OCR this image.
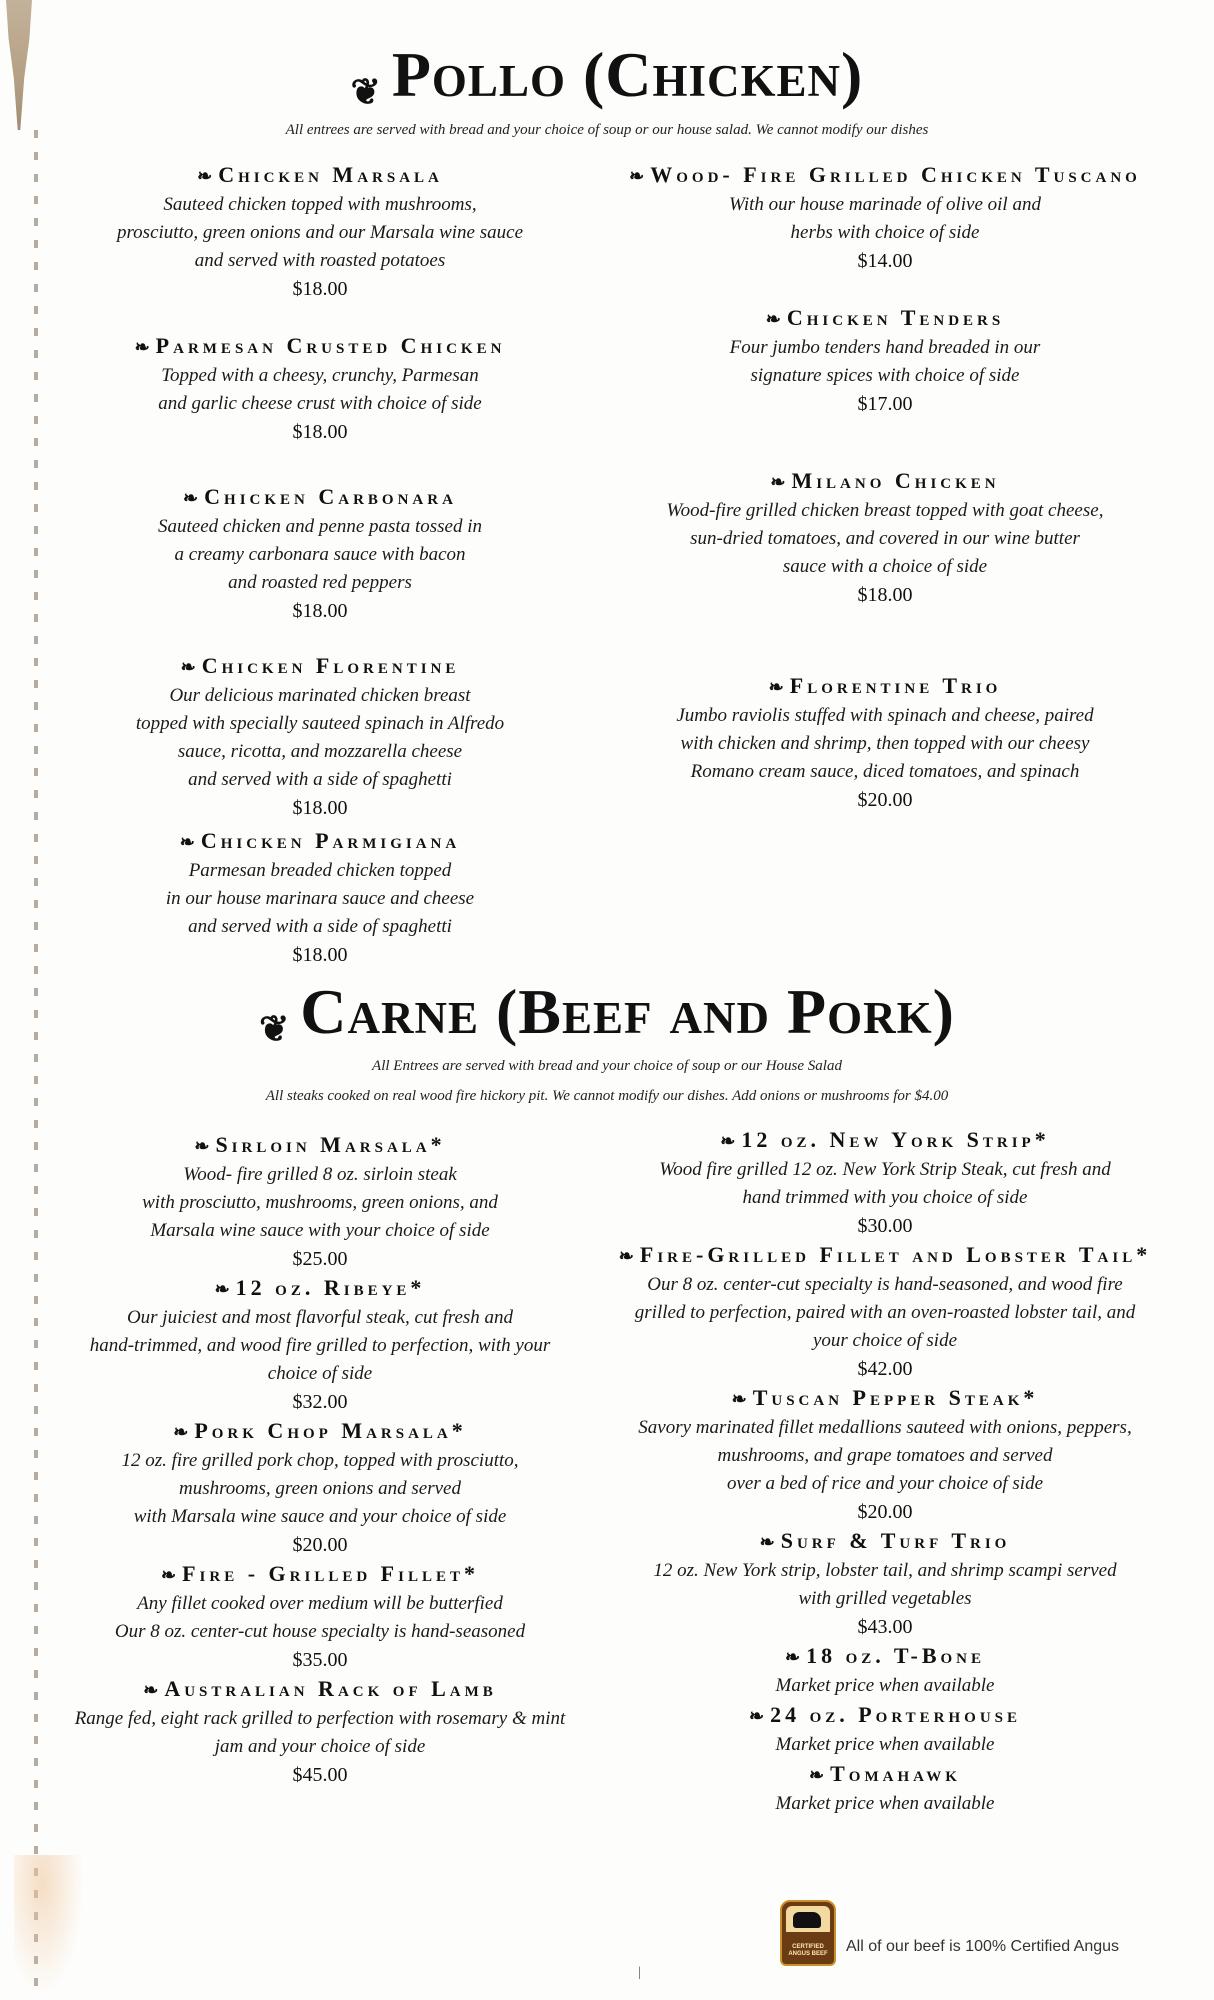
❦ Pollo (Chicken)
All entrees are served with bread and your choice of soup or our house salad. We cannot modify our dishes
❧ Chicken Marsala
Sauteed chicken topped with mushrooms,
prosciutto, green onions and our Marsala wine sauce
and served with roasted potatoes
$18.00
❧ Parmesan Crusted Chicken
Topped with a cheesy, crunchy, Parmesan
and garlic cheese crust with choice of side
$18.00
❧ Chicken Carbonara
Sauteed chicken and penne pasta tossed in
a creamy carbonara sauce with bacon
and roasted red peppers
$18.00
❧ Chicken Florentine
Our delicious marinated chicken breast
topped with specially sauteed spinach in Alfredo
sauce, ricotta, and mozzarella cheese
and served with a side of spaghetti
$18.00
❧ Chicken Parmigiana
Parmesan breaded chicken topped
in our house marinara sauce and cheese
and served with a side of spaghetti
$18.00
❧ Wood- Fire Grilled Chicken Tuscano
With our house marinade of olive oil and
herbs with choice of side
$14.00
❧ Chicken Tenders
Four jumbo tenders hand breaded in our
signature spices with choice of side
$17.00
❧ Milano Chicken
Wood-fire grilled chicken breast topped with goat cheese,
sun-dried tomatoes, and covered in our wine butter
sauce with a choice of side
$18.00
❧ Florentine Trio
Jumbo raviolis stuffed with spinach and cheese, paired
with chicken and shrimp, then topped with our cheesy
Romano cream sauce, diced tomatoes, and spinach
$20.00
❦ Carne (Beef and Pork)
All Entrees are served with bread and your choice of soup or our House Salad
All steaks cooked on real wood fire hickory pit. We cannot modify our dishes. Add onions or mushrooms for $4.00
❧ Sirloin Marsala*
Wood- fire grilled 8 oz. sirloin steak
with prosciutto, mushrooms, green onions, and
Marsala wine sauce with your choice of side
$25.00
❧ 12 oz. Ribeye*
Our juiciest and most flavorful steak, cut fresh and
hand-trimmed, and wood fire grilled to perfection, with your
choice of side
$32.00
❧ Pork Chop Marsala*
12 oz. fire grilled pork chop, topped with prosciutto,
mushrooms, green onions and served
with Marsala wine sauce and your choice of side
$20.00
❧ Fire - Grilled Fillet*
Any fillet cooked over medium will be butterfied
Our 8 oz. center-cut house specialty is hand-seasoned
$35.00
❧ Australian Rack of Lamb
Range fed, eight rack grilled to perfection with rosemary & mint
jam and your choice of side
$45.00
❧ 12 oz. New York Strip*
Wood fire grilled 12 oz. New York Strip Steak, cut fresh and
hand trimmed with you choice of side
$30.00
❧ Fire-Grilled Fillet and Lobster Tail*
Our 8 oz. center-cut specialty is hand-seasoned, and wood fire
grilled to perfection, paired with an oven-roasted lobster tail, and
your choice of side
$42.00
❧ Tuscan Pepper Steak*
Savory marinated fillet medallions sauteed with onions, peppers,
mushrooms, and grape tomatoes and served
over a bed of rice and your choice of side
$20.00
❧ Surf & Turf Trio
12 oz. New York strip, lobster tail, and shrimp scampi served
with grilled vegetables
$43.00
❧ 18 oz. T-Bone
Market price when available
❧ 24 oz. Porterhouse
Market price when available
❧ Tomahawk
Market price when available
CERTIFIED
ANGUS BEEF All of our beef is 100% Certified Angus
|
